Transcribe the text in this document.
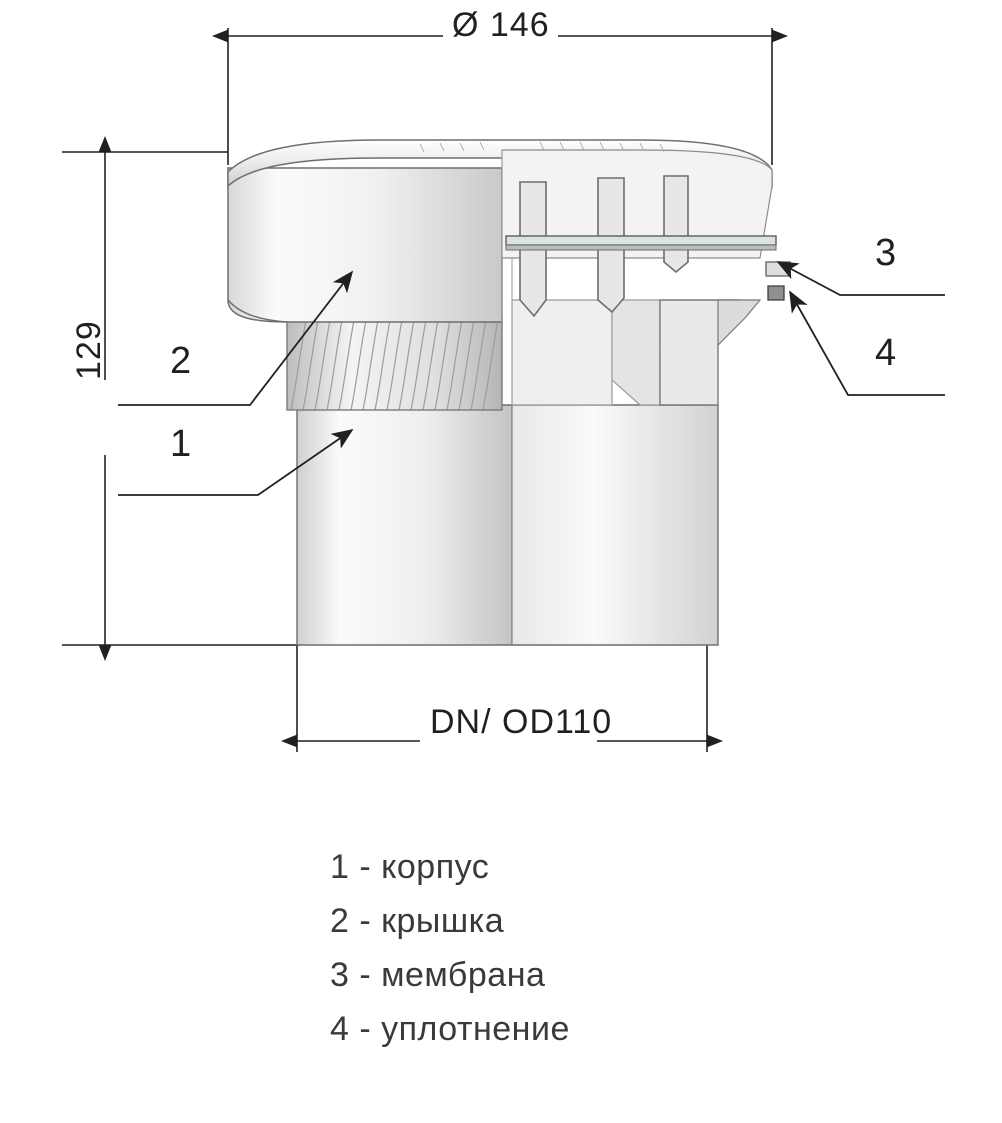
Ø 146
DN/ OD110
129
1
2
3
4
1 - корпус
2 - крышка
3 - мембрана
4 - уплотнение
